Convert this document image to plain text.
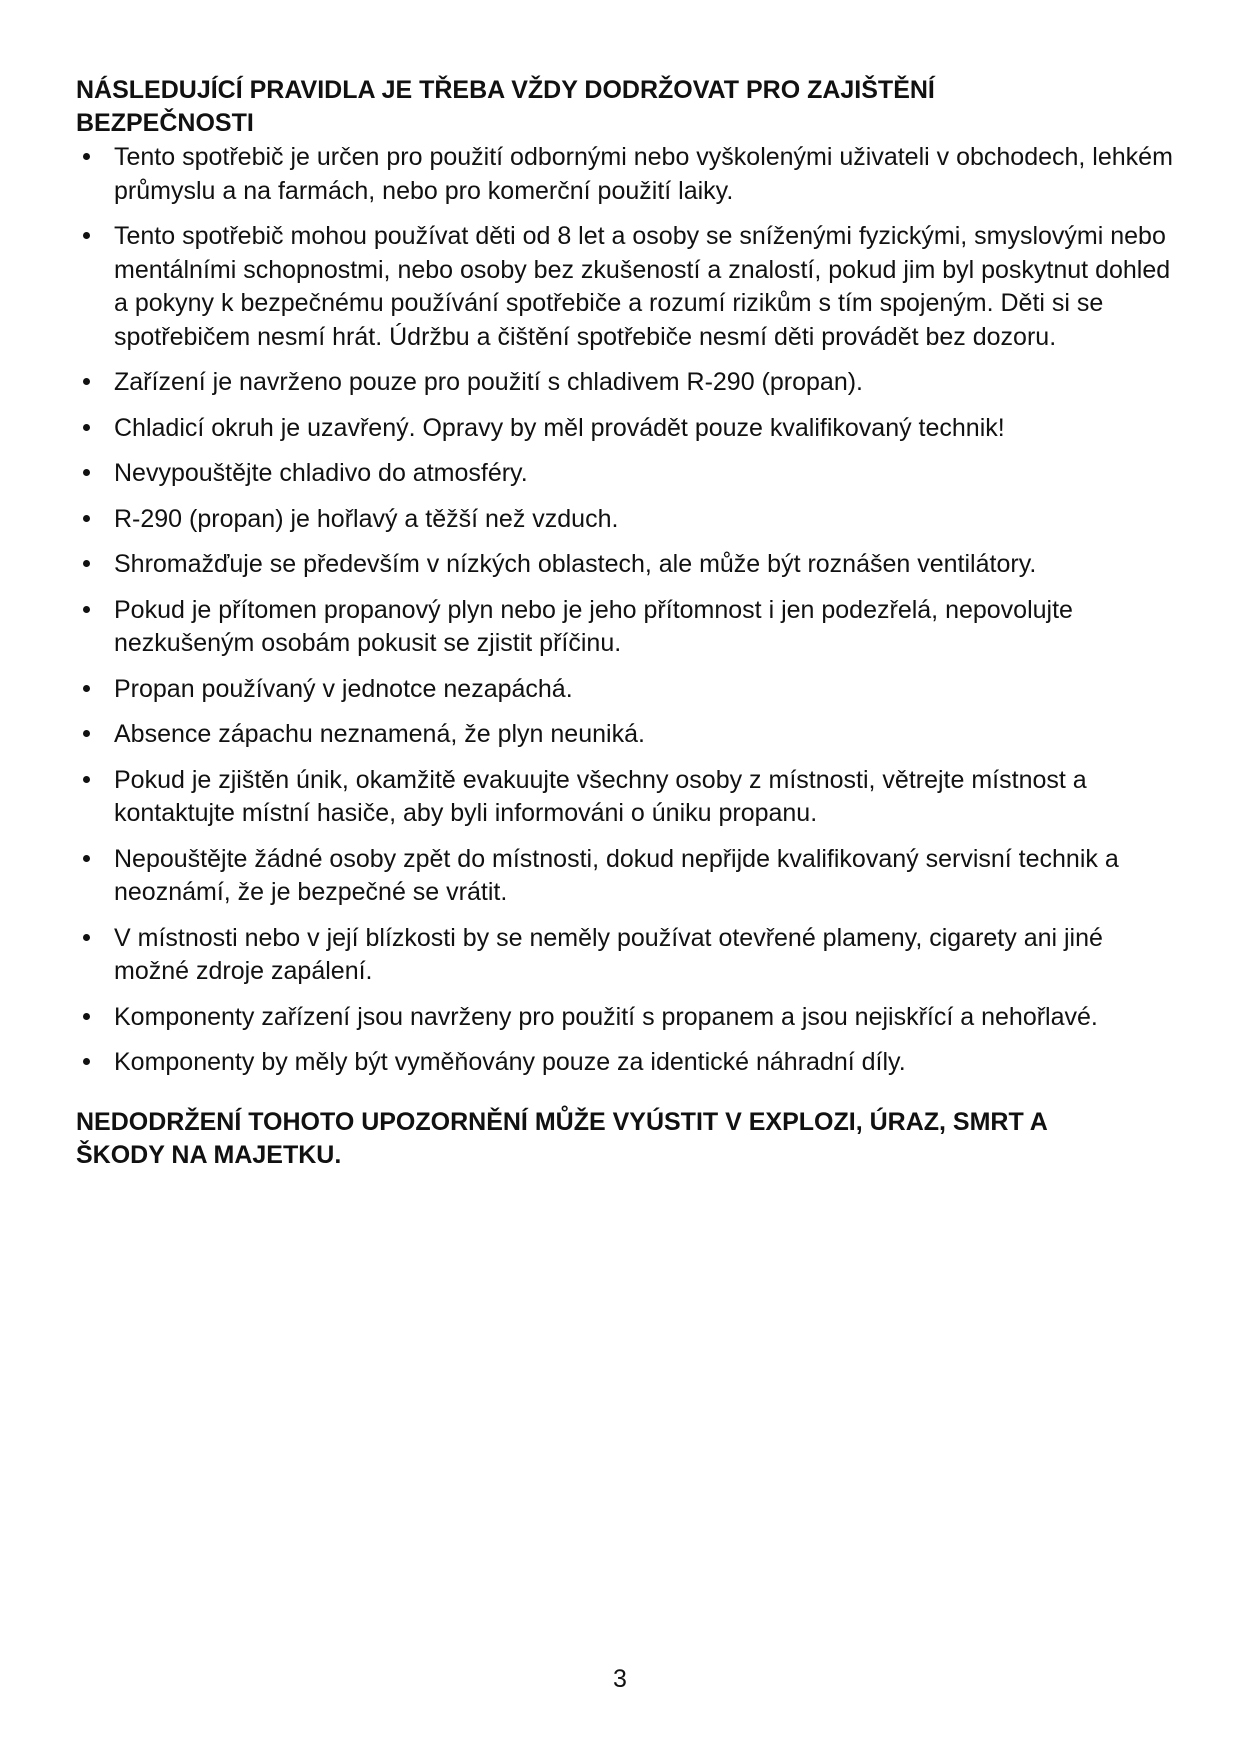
NÁSLEDUJÍCÍ PRAVIDLA JE TŘEBA VŽDY DODRŽOVAT PRO ZAJIŠTĚNÍ BEZPEČNOSTI
Tento spotřebič je určen pro použití odbornými nebo vyškolenými uživateli v obchodech, lehkém průmyslu a na farmách, nebo pro komerční použití laiky.
Tento spotřebič mohou používat děti od 8 let a osoby se sníženými fyzickými, smyslovými nebo mentálními schopnostmi, nebo osoby bez zkušeností a znalostí, pokud jim byl poskytnut dohled a pokyny k bezpečnému používání spotřebiče a rozumí rizikům s tím spojeným. Děti si se spotřebičem nesmí hrát. Údržbu a čištění spotřebiče nesmí děti provádět bez dozoru.
Zařízení je navrženo pouze pro použití s chladivem R-290 (propan).
Chladicí okruh je uzavřený. Opravy by měl provádět pouze kvalifikovaný technik!
Nevypouštějte chladivo do atmosféry.
R-290 (propan) je hořlavý a těžší než vzduch.
Shromažďuje se především v nízkých oblastech, ale může být roznášen ventilátory.
Pokud je přítomen propanový plyn nebo je jeho přítomnost i jen podezřelá, nepovolujte nezkušeným osobám pokusit se zjistit příčinu.
Propan používaný v jednotce nezapáchá.
Absence zápachu neznamená, že plyn neuniká.
Pokud je zjištěn únik, okamžitě evakuujte všechny osoby z místnosti, větrejte místnost a kontaktujte místní hasiče, aby byli informováni o úniku propanu.
Nepouštějte žádné osoby zpět do místnosti, dokud nepřijde kvalifikovaný servisní technik a neoznámí, že je bezpečné se vrátit.
V místnosti nebo v její blízkosti by se neměly používat otevřené plameny, cigarety ani jiné možné zdroje zapálení.
Komponenty zařízení jsou navrženy pro použití s propanem a jsou nejiskřící a nehořlavé.
Komponenty by měly být vyměňovány pouze za identické náhradní díly.

NEDODRŽENÍ TOHOTO UPOZORNĚNÍ MŮŽE VYÚSTIT V EXPLOZI, ÚRAZ, SMRT A ŠKODY NA MAJETKU.

3
